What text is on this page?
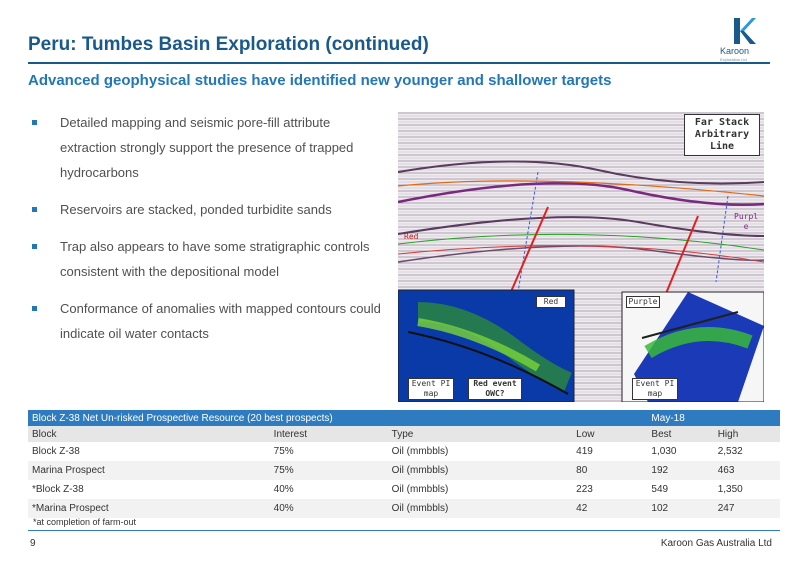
Peru: Tumbes Basin Exploration (continued)	Karoon
Exploration Ltd
Advanced geophysical studies have identified new younger and shallower targets
Detailed mapping and seismic pore-fill attribute extraction strongly support the presence of trapped hydrocarbons
Reservoirs are stacked, ponded turbidite sands
Trap also appears to have some stratigraphic controls consistent with the depositional model
Conformance of anomalies with mapped contours could indicate oil water contacts
Far Stack Arbitrary Line
Red
Purpl e
Red	Purple
Event PI map
Red event OWC?
Event PI map
Block Z-38 Net Un-risked Prospective Resource (20 best prospects)				May-18	
Block	Interest	Type	Low	Best	High
Block Z-38	75%	Oil (mmbbls)	419	1,030	2,532
Marina Prospect	75%	Oil (mmbbls)	80	192	463
*Block Z-38	40%	Oil (mmbbls)	223	549	1,350
*Marina Prospect	40%	Oil (mmbbls)	42	102	247
*at completion of farm-out
9	Karoon Gas Australia Ltd
